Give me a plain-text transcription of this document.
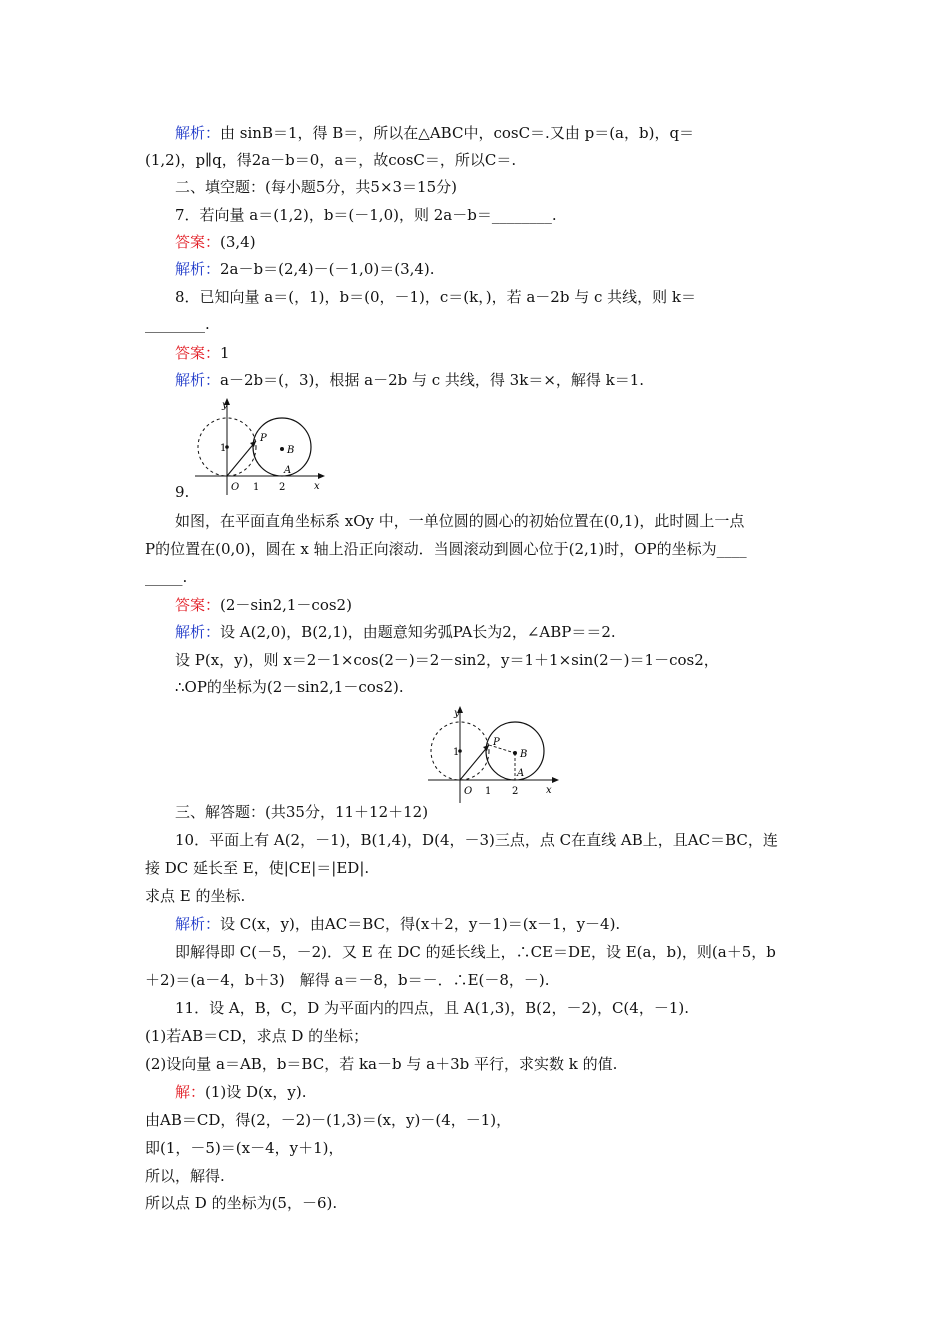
解析：由 sinB＝1，得 B＝，所以在△ABC中，cosC＝.又由 p＝(a，b)，q＝
(1,2)，p∥q，得2a－b＝0，a＝，故cosC＝，所以C＝.
二、填空题：(每小题5分，共5×3＝15分)
7．若向量 a＝(1,2)，b＝(－1,0)，则 2a－b＝________.
答案：(3,4)
解析：2a－b＝(2,4)－(－1,0)＝(3,4).
8．已知向量 a＝(，1)，b＝(0，－1)，c＝(k，)，若 a－2b 与 c 共线，则 k＝
________.
答案：1
解析：a－2b＝(，3)，根据 a－2b 与 c 共线，得 3k＝×，解得 k＝1.
y
x
O 1 2
1
P
B
A
9.
如图，在平面直角坐标系 xOy 中，一单位圆的圆心的初始位置在(0,1)，此时圆上一点
P的位置在(0,0)，圆在 x 轴上沿正向滚动．当圆滚动到圆心位于(2,1)时，OP的坐标为____
_____.
答案：(2－sin2,1－cos2)
解析：设 A(2,0)，B(2,1)，由题意知劣弧PA长为2，∠ABP＝＝2.
设 P(x，y)，则 x＝2－1×cos(2－)＝2－sin2，y＝1＋1×sin(2－)＝1－cos2，
∴OP的坐标为(2－sin2,1－cos2).
y
x
O 1 2
1
P
B
A
三、解答题：(共35分，11＋12＋12)
10．平面上有 A(2，－1)，B(1,4)，D(4，－3)三点，点 C在直线 AB上，且AC＝BC，连
接 DC 延长至 E，使|CE|＝|ED|.
求点 E 的坐标.
解析：设 C(x，y)，由AC＝BC，得(x＋2，y－1)＝(x－1，y－4).
即解得即 C(－5，－2)．又 E 在 DC 的延长线上，∴CE＝DE，设 E(a，b)，则(a＋5，b
＋2)＝(a－4，b＋3)　解得 a＝－8，b＝－．∴E(－8，－).
11．设 A，B，C，D 为平面内的四点，且 A(1,3)，B(2，－2)，C(4，－1).
(1)若AB＝CD，求点 D 的坐标；
(2)设向量 a＝AB，b＝BC，若 ka－b 与 a＋3b 平行，求实数 k 的值.
解：(1)设 D(x，y).
由AB＝CD，得(2，－2)－(1,3)＝(x，y)－(4，－1)，
即(1，－5)＝(x－4，y＋1)，
所以，解得.
所以点 D 的坐标为(5，－6).
